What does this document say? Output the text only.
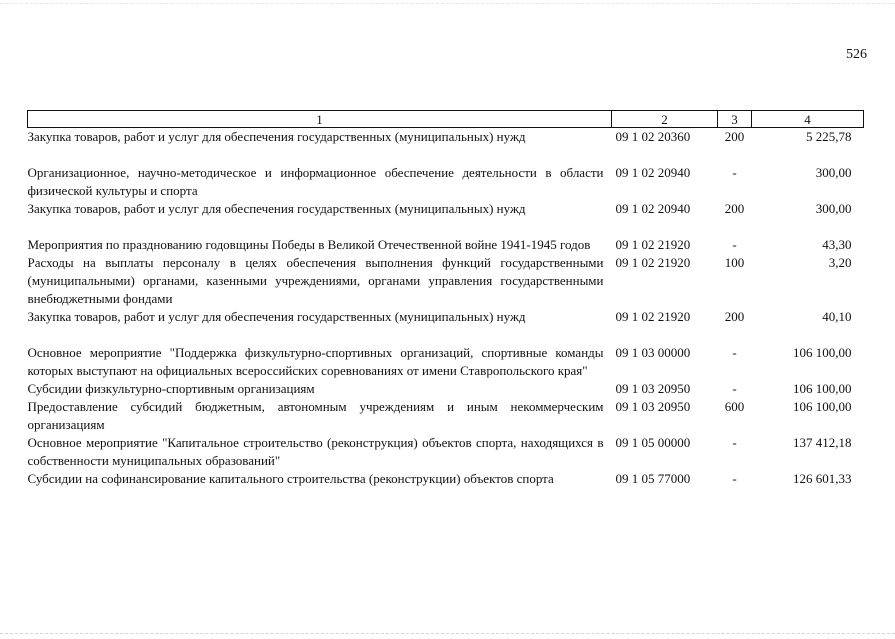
526
1	2	3	4
Закупка товаров, работ и услуг для обеспечения государственных (муниципальных) нужд	09 1 02 20360	200	5 225,78
Организационное, научно-методическое и информационное обеспечение деятельности в области физической культуры и спорта	09 1 02 20940	-	300,00
Закупка товаров, работ и услуг для обеспечения государственных (муниципальных) нужд	09 1 02 20940	200	300,00
Мероприятия по празднованию годовщины Победы в Великой Отечественной войне 1941-1945 годов	09 1 02 21920	-	43,30
Расходы на выплаты персоналу в целях обеспечения выполнения функций государственными (муниципальными) органами, казенными учреждениями, органами управления государственными внебюджетными фондами	09 1 02 21920	100	3,20
Закупка товаров, работ и услуг для обеспечения государственных (муниципальных) нужд	09 1 02 21920	200	40,10
Основное мероприятие "Поддержка физкультурно-спортивных организаций, спортивные команды которых выступают на официальных всероссийских соревнованиях от имени Ставропольского края"	09 1 03 00000	-	106 100,00
Субсидии физкультурно-спортивным организациям	09 1 03 20950	-	106 100,00
Предоставление субсидий бюджетным, автономным учреждениям и иным некоммерческим организациям	09 1 03 20950	600	106 100,00
Основное мероприятие "Капитальное строительство (реконструкция) объектов спорта, находящихся в собственности муниципальных образований"	09 1 05 00000	-	137 412,18
Субсидии на софинансирование капитального строительства (реконструкции) объектов спорта	09 1 05 77000	-	126 601,33
